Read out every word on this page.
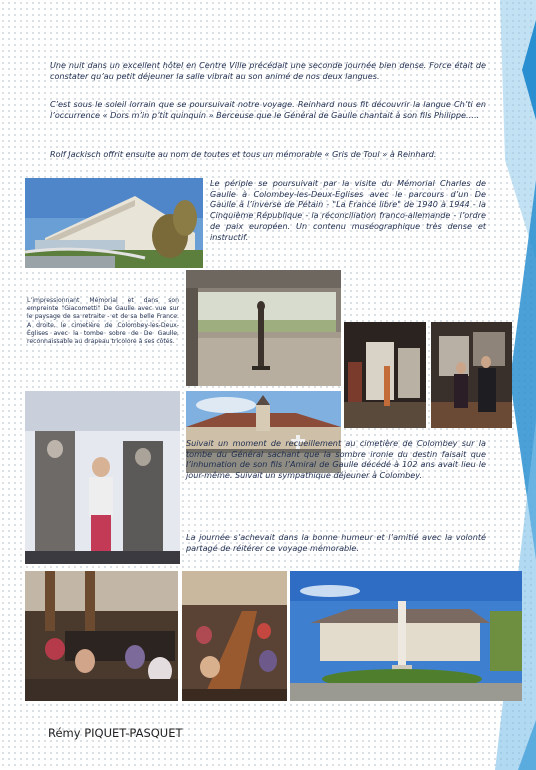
Une nuit dans un excellent hôtel en Centre Ville précédait une seconde journée bien dense. Force était de constater qu’au petit déjeuner la salle vibrait au son animé de nos deux langues.

C’est sous le soleil lorrain que se poursuivait notre voyage. Reinhard nous fit découvrir la langue Ch’ti en l’occurrence « Dors m’in p’tit quinquin » Berceuse que le Général de Gaulle chantait à son fils Philippe.….

Rolf Jackisch offrit ensuite au nom de toutes et tous un mémorable « Gris de Toul » à Reinhard.

Le périple se poursuivait par la visite du Mémorial Charles de Gaulle à Colombey-les-Deux-Eglises avec le parcours d’un De Gaulle à l’inverse de Pétain - "La France libre" de 1940 à 1944 - la Cinquième République - la réconciliation franco-allemande - l’ordre de paix européen. Un contenu muséographique très dense et instructif.

L’impressionnant Mémorial et dans son empreinte "Giacometti" De Gaulle avec vue sur le paysage de sa retraite - et de sa belle France. A droite, le cimetière de Colombey-les-Deux-Églises avec la tombe sobre de De Gaulle, reconnaissable au drapeau tricolore à ses côtés.

Suivait un moment de recueillement au cimetière de Colombey sur la tombe du Général sachant que la sombre ironie du destin faisait que l’inhumation de son fils l’Amiral de Gaulle décédé à 102 ans avait lieu le jour-même. Suivait un sympathique déjeuner à Colombey.

La journée s’achevait dans la bonne humeur et l’amitié avec la volonté partagé de réitérer ce voyage mémorable.

Rémy PIQUET-PASQUET
